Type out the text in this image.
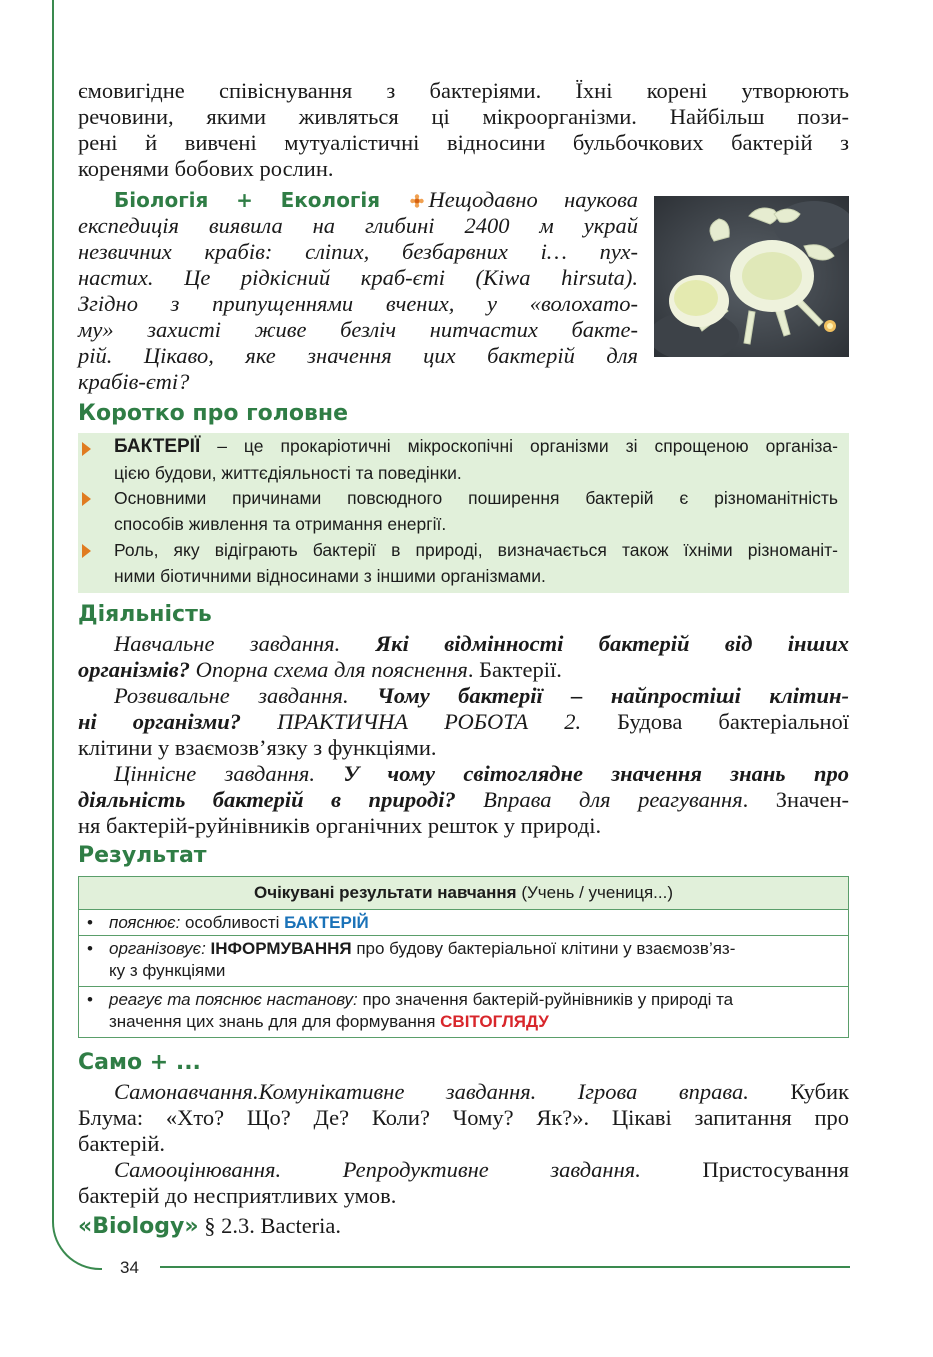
34
ємовигідне співіснування з бактеріями. Їхні корені утворюють
речовини, якими живляться ці мікроорганізми. Найбільш пози-
рені й вивчені мутуалістичні відносини бульбочкових бактерій з
коренями бобових рослин.
Біологія + Екологія Нещодавно наукова
експедиція виявила на глибині 2400 м украй
незвичних крабів: сліпих, безбарвних і… пух-
настих. Це рідкісний краб-єті (Kiwa hirsuta).
Згідно з припущеннями вчених, у «волохато-
му» захисті живе безліч нитчастих бакте-
рій. Цікаво, яке значення цих бактерій для
крабів-єті?
Коротко про головне
БАКТЕРІЇ – це прокаріотичні мікроскопічні організми зі спрощеною організа-
цією будови, життєдіяльності та поведінки.
Основними причинами повсюдного поширення бактерій є різноманітність
способів живлення та отримання енергії.
Роль, яку відіграють бактерії в природі, визначається також їхніми різноманіт-
ними біотичними відносинами з іншими організмами.
Діяльність
Навчальне завдання. Які відмінності бактерій від інших
організмів? Опорна схема для пояснення. Бактерії.
Розвивальне завдання. Чому бактерії – найпростіші клітин-
ні організми? ПРАКТИЧНА РОБОТА 2. Будова бактеріальної
клітини у взаємозв’язку з функціями.
Ціннісне завдання. У чому світоглядне значення знань про
діяльність бактерій в природі? Вправа для реагування. Значен-
ня бактерій-руйнівників органічних решток у природі.
Результат
Очікувані результати навчання (Учень / учениця...)
• пояснює: особливості БАКТЕРІЙ
• організовує: ІНФОРМУВАННЯ про будову бактеріальної клітини у взаємозв’яз-
ку з функціями
• реагує та пояснює настанову: про значення бактерій-руйнівників у природі та
значення цих знань для для формування СВІТОГЛЯДУ
Само + ...
Самонавчання.Комунікативне завдання. Ігрова вправа. Кубик
Блума: «Хто? Що? Де? Коли? Чому? Як?». Цікаві запитання про
бактерій.
Самооцінювання.	Репродуктивне завдання.	Пристосування
бактерій до несприятливих умов.
«Biology» § 2.3. Bacteria.
